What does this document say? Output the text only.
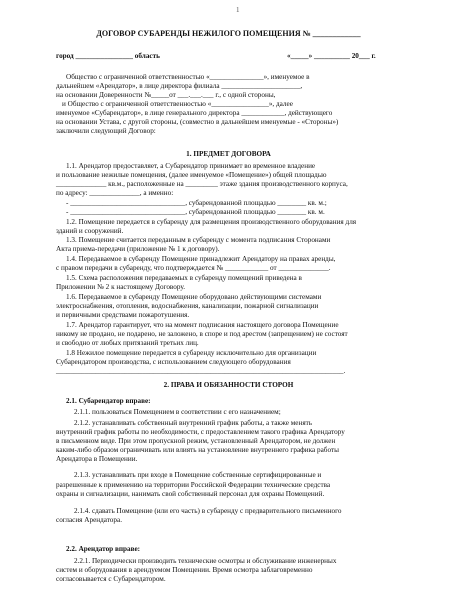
1
ДОГОВОР СУБАРЕНДЫ НЕЖИЛОГО ПОМЕЩЕНИЯ № ____________
город ________________ область	«_____» __________ 20___ г.
Общество с ограниченной ответственностью «_______________», именуемое в
дальнейшем «Арендатор», в лице директора филиала ______________________,
на основании Доверенности №_____от ___.___.___ г., с одной стороны,
и Общество с ограниченной ответственностью «________________», далее
именуемое «Субарендатор», в лице генерального директора ____________, действующего
на основании Устава, с другой стороны, (совместно в дальнейшем именуемые - «Стороны»)
заключили следующий Договор:
1. ПРЕДМЕТ ДОГОВОРА
1.1. Арендатор предоставляет, а Субарендатор принимает во временное владение
и пользование нежилые помещения, (далее именуемое «Помещение») общей площадью
______________ кв.м., расположенные на _________ этаже здания производственного корпуса,
по адресу: ______________, а именно:
- ________________________________, субарендованной площадью ________ кв. м.;
- ________________________________, субарендованной площадью ________ кв. м.
1.2. Помещение передается в субаренду для размещения производственного оборудования для
зданий и сооружений.
1.3. Помещение считается переданным в субаренду с момента подписания Сторонами
Акта приема-передачи (приложение № 1 к договору).
1.4. Передаваемое в субаренду Помещение принадлежит Арендатору на правах аренды,
с правом передачи в субаренду, что подтверждается № ____________ от ______________.
1.5. Схема расположения передаваемых в субаренду помещений приведена в
Приложении № 2 к настоящему Договору.
1.6. Передаваемое в субаренду Помещение оборудовано действующими системами
электроснабжения, отопления, водоснабжения, канализации, пожарной сигнализации
и первичными средствами пожаротушения.
1.7. Арендатор гарантирует, что на момент подписания настоящего договора Помещение
никому не продано, не подарено, не заложено, в споре и под арестом (запрещением) не состоят
и свободно от любых притязаний третьих лиц.
1.8 Нежилое помещение передается в субаренду исключительно для организации
Субарендатором производства, с использованием следующего оборудования
________________________________________________________________________________.
2. ПРАВА И ОБЯЗАННОСТИ СТОРОН
2.1. Субарендатор вправе:
2.1.1. пользоваться Помещением в соответствии с его назначением;
2.1.2. устанавливать собственный внутренний график работы, а также менять
внутренний график работы по необходимости, с предоставлением такого графика Арендатору
в письменном виде. При этом пропускной режим, установленный Арендатором, не должен
каким-либо образом ограничивать или влиять на установление внутреннего графика работы
Арендатора в Помещении.
2.1.3. устанавливать при входе в Помещение собственные сертифицированные и
разрешенные к применению на территории Российской Федерации технические средства
охраны и сигнализации, нанимать свой собственный персонал для охраны Помещений.
2.1.4. сдавать Помещение (или его часть) в субаренду с предварительного письменного
согласия Арендатора.
2.2. Арендатор вправе:
2.2.1. Периодически производить технические осмотры и обслуживание инженерных
систем и оборудования в арендуемом Помещении. Время осмотра заблаговременно
согласовывается с Субарендатором.
